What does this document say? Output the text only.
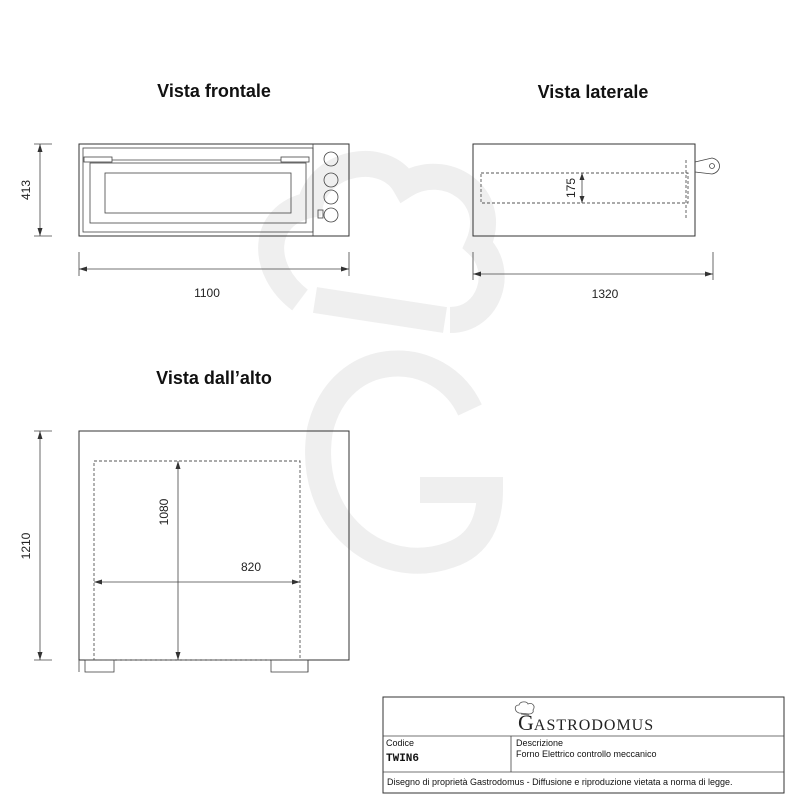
Vista frontale
413
1100
Vista laterale
175
1320
Vista dall’alto
1210
1080
820
GASTRODOMUS
Codice
TWIN6
Descrizione
Forno Elettrico controllo meccanico
Disegno di proprietà Gastrodomus - Diffusione e riproduzione vietata a norma di legge.
